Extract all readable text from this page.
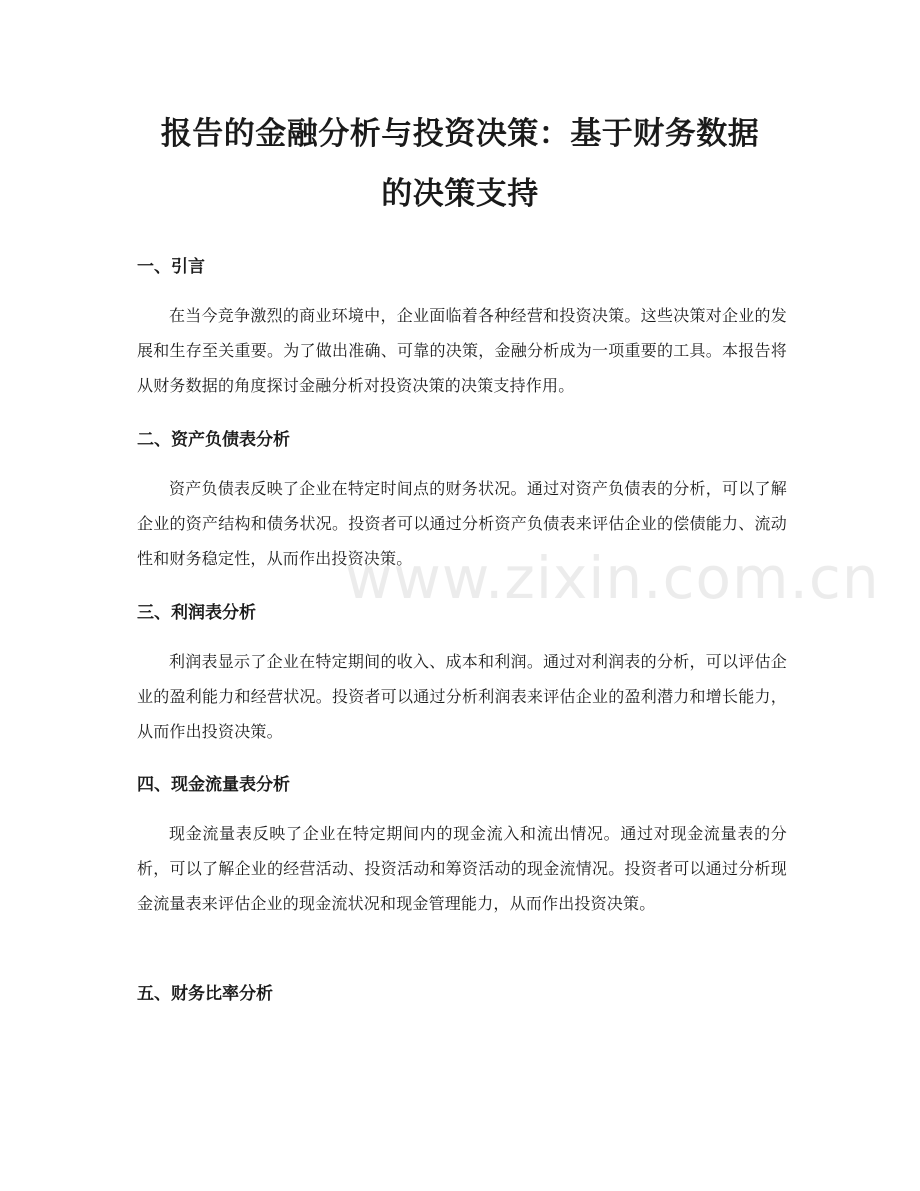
报告的金融分析与投资决策：基于财务数据
的决策支持
一、引言
在当今竞争激烈的商业环境中，企业面临着各种经营和投资决策。这些决策对企业的发展和生存至关重要。为了做出准确、可靠的决策，金融分析成为一项重要的工具。本报告将从财务数据的角度探讨金融分析对投资决策的决策支持作用。
二、资产负债表分析
资产负债表反映了企业在特定时间点的财务状况。通过对资产负债表的分析，可以了解企业的资产结构和债务状况。投资者可以通过分析资产负债表来评估企业的偿债能力、流动性和财务稳定性，从而作出投资决策。
三、利润表分析
利润表显示了企业在特定期间的收入、成本和利润。通过对利润表的分析，可以评估企业的盈利能力和经营状况。投资者可以通过分析利润表来评估企业的盈利潜力和增长能力，从而作出投资决策。
四、现金流量表分析
现金流量表反映了企业在特定期间内的现金流入和流出情况。通过对现金流量表的分析，可以了解企业的经营活动、投资活动和筹资活动的现金流情况。投资者可以通过分析现金流量表来评估企业的现金流状况和现金管理能力，从而作出投资决策。
五、财务比率分析
www.zixin.com.cn
